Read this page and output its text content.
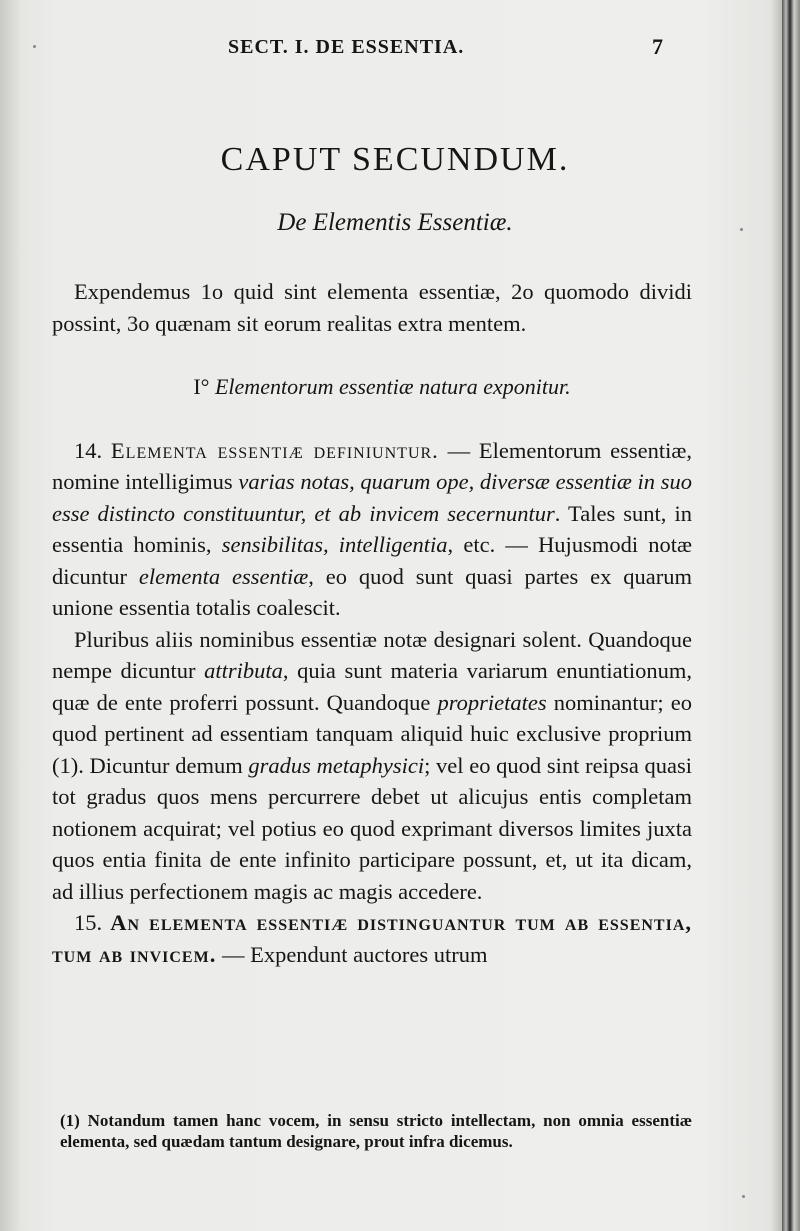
SECT. I. DE ESSENTIA.	7
CAPUT SECUNDUM.
De Elementis Essentiæ.

Expendemus 1o quid sint elementa essentiæ, 2o quomodo dividi possint, 3o quænam sit eorum realitas extra mentem.

I° Elementorum essentiæ natura exponitur.

14. Elementa essentiæ definiuntur. — Elementorum essentiæ, nomine intelligimus varias notas, quarum ope, diversæ essentiæ in suo esse distincto constituuntur, et ab invicem secernuntur. Tales sunt, in essentia hominis, sensibilitas, intelligentia, etc. — Hujusmodi notæ dicuntur elementa essentiæ, eo quod sunt quasi partes ex quarum unione essentia totalis coalescit.

Pluribus aliis nominibus essentiæ notæ designari solent. Quandoque nempe dicuntur attributa, quia sunt materia variarum enuntiationum, quæ de ente proferri possunt. Quandoque proprietates nominantur; eo quod pertinent ad essentiam tanquam aliquid huic exclusive proprium (1). Dicuntur demum gradus metaphysici; vel eo quod sint reipsa quasi tot gradus quos mens percurrere debet ut alicujus entis completam notionem acquirat; vel potius eo quod exprimant diversos limites juxta quos entia finita de ente infinito participare possunt, et, ut ita dicam, ad illius perfectionem magis ac magis accedere.

15. An elementa essentiæ distinguantur tum ab essentia, tum ab invicem. — Expendunt auctores utrum

(1) Notandum tamen hanc vocem, in sensu stricto intellectam, non omnia essentiæ elementa, sed quædam tantum designare, prout infra dicemus.
